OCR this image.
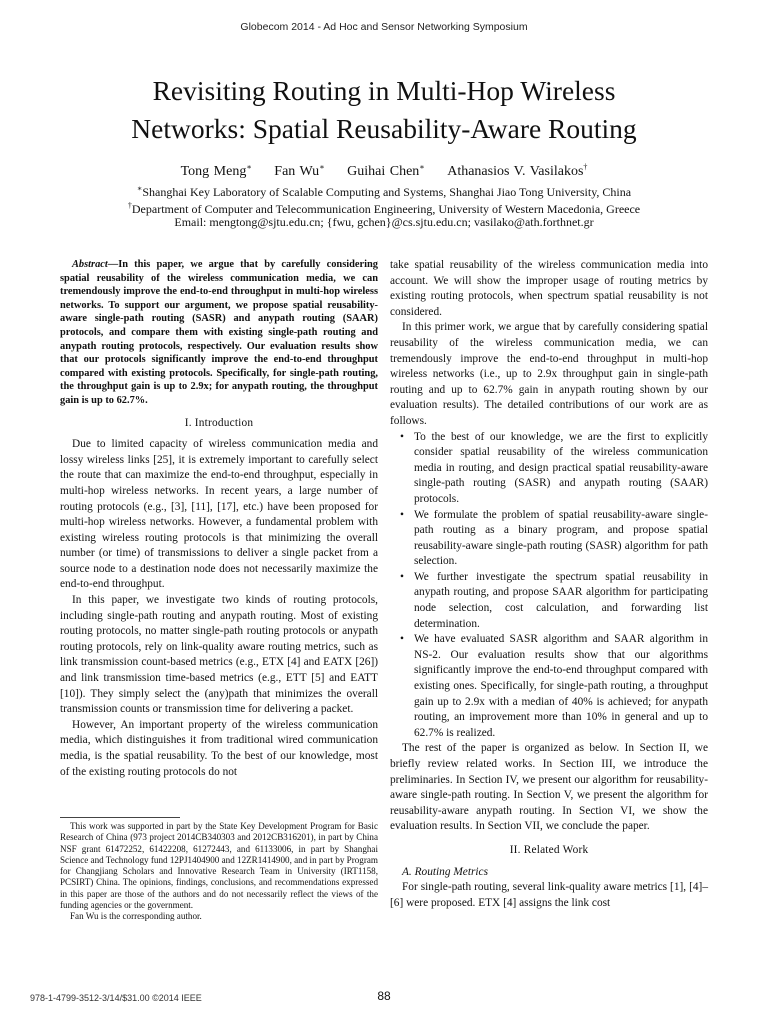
Globecom 2014 - Ad Hoc and Sensor Networking Symposium
Revisiting Routing in Multi-Hop Wireless
Networks: Spatial Reusability-Aware Routing
Tong Meng∗ Fan Wu∗ Guihai Chen∗ Athanasios V. Vasilakos†
∗Shanghai Key Laboratory of Scalable Computing and Systems, Shanghai Jiao Tong University, China
†Department of Computer and Telecommunication Engineering, University of Western Macedonia, Greece
Email: mengtong@sjtu.edu.cn; {fwu, gchen}@cs.sjtu.edu.cn; vasilako@ath.forthnet.gr

Abstract—In this paper, we argue that by carefully considering spatial reusability of the wireless communication media, we can tremendously improve the end-to-end throughput in multi-hop wireless networks. To support our argument, we propose spatial reusability-aware single-path routing (SASR) and anypath routing (SAAR) protocols, and compare them with existing single-path routing and anypath routing protocols, respectively. Our evaluation results show that our protocols significantly improve the end-to-end throughput compared with existing protocols. Specifically, for single-path routing, the throughput gain is up to 2.9x; for anypath routing, the throughput gain is up to 62.7%.

I. Introduction

Due to limited capacity of wireless communication media and lossy wireless links [25], it is extremely important to carefully select the route that can maximize the end-to-end throughput, especially in multi-hop wireless networks. In recent years, a large number of routing protocols (e.g., [3], [11], [17], etc.) have been proposed for multi-hop wireless networks. However, a fundamental problem with existing wireless routing protocols is that minimizing the overall number (or time) of transmissions to deliver a single packet from a source node to a destination node does not necessarily maximize the end-to-end throughput.

In this paper, we investigate two kinds of routing protocols, including single-path routing and anypath routing. Most of existing routing protocols, no matter single-path routing protocols or anypath routing protocols, rely on link-quality aware routing metrics, such as link transmission count-based metrics (e.g., ETX [4] and EATX [26]) and link transmission time-based metrics (e.g., ETT [5] and EATT [10]). They simply select the (any)path that minimizes the overall transmission counts or transmission time for delivering a packet.

However, An important property of the wireless communication media, which distinguishes it from traditional wired communication media, is the spatial reusability. To the best of our knowledge, most of the existing routing protocols do not

This work was supported in part by the State Key Development Program for Basic Research of China (973 project 2014CB340303 and 2012CB316201), in part by China NSF grant 61472252, 61422208, 61272443, and 61133006, in part by Shanghai Science and Technology fund 12PJ1404900 and 12ZR1414900, and in part by Program for Changjiang Scholars and Innovative Research Team in University (IRT1158, PCSIRT) China. The opinions, findings, conclusions, and recommendations expressed in this paper are those of the authors and do not necessarily reflect the views of the funding agencies or the government.

Fan Wu is the corresponding author.

take spatial reusability of the wireless communication media into account. We will show the improper usage of routing metrics by existing routing protocols, when spectrum spatial reusability is not considered.

In this primer work, we argue that by carefully considering spatial reusability of the wireless communication media, we can tremendously improve the end-to-end throughput in multi-hop wireless networks (i.e., up to 2.9x throughput gain in single-path routing and up to 62.7% gain in anypath routing shown by our evaluation results). The detailed contributions of our work are as follows.

• To the best of our knowledge, we are the first to explicitly consider spatial reusability of the wireless communication media in routing, and design practical spatial reusability-aware single-path routing (SASR) and anypath routing (SAAR) protocols.
• We formulate the problem of spatial reusability-aware single-path routing as a binary program, and propose spatial reusability-aware single-path routing (SASR) algorithm for path selection.
• We further investigate the spectrum spatial reusability in anypath routing, and propose SAAR algorithm for participating node selection, cost calculation, and forwarding list determination.
• We have evaluated SASR algorithm and SAAR algorithm in NS-2. Our evaluation results show that our algorithms significantly improve the end-to-end throughput compared with existing ones. Specifically, for single-path routing, a throughput gain up to 2.9x with a median of 40% is achieved; for anypath routing, an improvement more than 10% in general and up to 62.7% is realized.

The rest of the paper is organized as below. In Section II, we briefly review related works. In Section III, we introduce the preliminaries. In Section IV, we present our algorithm for reusability-aware single-path routing. In Section V, we present the algorithm for reusability-aware anypath routing. In Section VI, we show the evaluation results. In Section VII, we conclude the paper.

II. Related Work

A. Routing Metrics

For single-path routing, several link-quality aware metrics [1], [4]–[6] were proposed. ETX [4] assigns the link cost

978-1-4799-3512-3/14/$31.00 ©2014 IEEE	88
